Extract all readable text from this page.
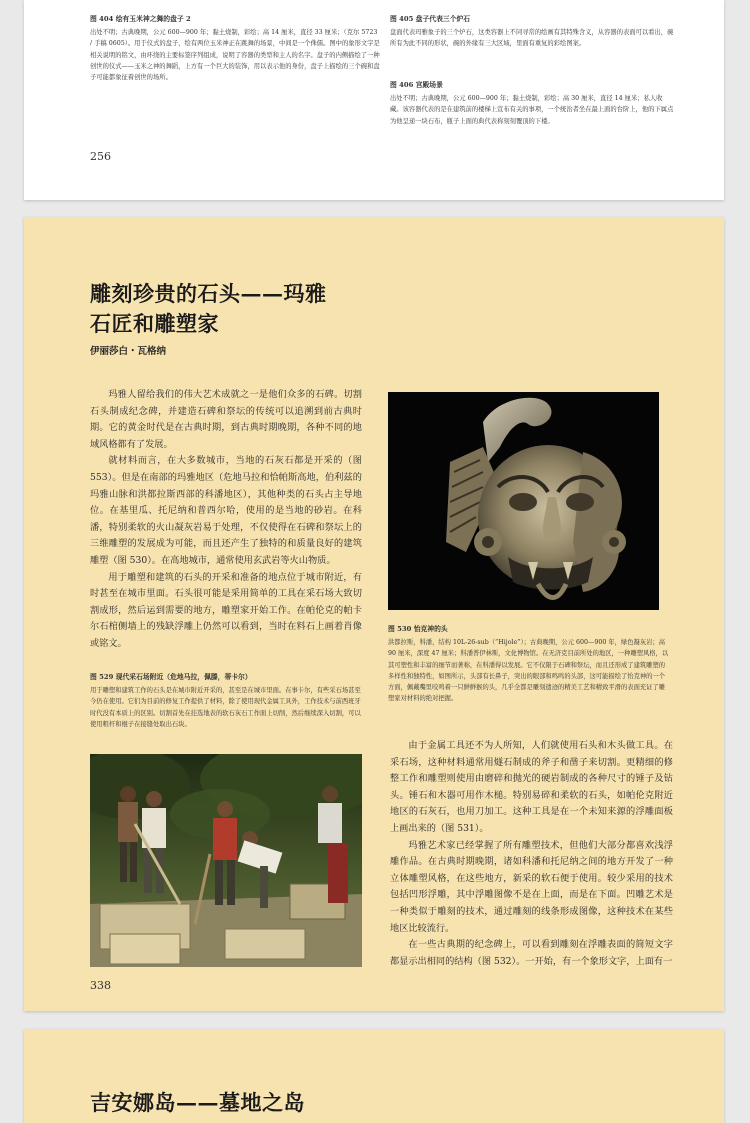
图 404 绘有玉米神之舞的盘子 2
出处不明；古典晚期，公元 600—900 年；黏土烧制，彩绘；高 14 厘米，直径 33 厘米；（克尔 5723 / 手稿 0605）。用于仪式的盘子，绘有两位玉米神正在跳舞的场景，中间是一个侏儒。图中的象形文字是相关说明的铭文，由环绕的主要标签序列组成，说明了容器的类型和主人的名字。盘子的内侧描绘了一种创世的仪式——玉米之神的舞蹈，上方有一个巨大的装饰，用以表示他的身份，盘子上描绘的三个碗和盘子可能都象征着创世的场所。
图 405 盘子代表三个炉石
盘面代表玛雅象子的三个炉石，这类容器上不同寻常的绘画有其特殊含义，从容器的表面可以看出，碗所有为此不同的形状，碗的外缘有三大区域，里面有重复的彩绘图案。
图 406 宫殿场景
出处不明；古典晚期，公元 600—900 年；黏土烧制，彩绘；高 30 厘米，直径 14 厘米；私人收藏。该容器代表的是在建筑前的楼梯上宣布有关的事项，一个统治者坐在最上面的台阶上，他的下属点为他呈递一块石布，瓶子上面的典代表称刻刻覆顶的下楼。
256
雕刻珍贵的石头——玛雅
石匠和雕塑家
伊丽莎白・瓦格纳

玛雅人留给我们的伟大艺术成就之一是他们众多的石碑。切割石头制成纪念碑，并建造石碑和祭坛的传统可以追溯到前古典时期。它的黄金时代是在古典时期，到古典时期晚期，各种不同的地域风格都有了发展。

就材料而言，在大多数城市，当地的石灰石都是开采的（图 553）。但是在南部的玛雅地区（危地马拉和恰帕斯高地，伯利兹的玛雅山脉和洪都拉斯西部的科潘地区），其他种类的石头占主导地位。在基里瓜、托尼纳和普西尔哈，使用的是当地的砂岩。在科潘，特别柔软的火山凝灰岩易于处理，不仅使得在石碑和祭坛上的三维雕塑的发展成为可能，而且还产生了独特的和质量良好的建筑雕塑（图 530）。在高地城市，通常使用玄武岩等火山物质。

用于雕塑和建筑的石头的开采和准备的地点位于城市附近，有时甚至在城市里面。石头很可能是采用简单的工具在采石场大致切割成形，然后运到需要的地方，雕塑家开始工作。在帕伦克的帕卡尔石棺侧墙上的残缺浮雕上仍然可以看到，当时在料石上画着肖像或铭文。

图 530 怡克神的头
洪都拉斯，科潘，结构 10L-26-sub（“Hijole”）；古典晚期，公元 600—900 年，绿色凝灰岩；高 90 厘米，深度 47 厘米；科潘普伊林斯，文化博物馆。在无济克目前所处的地区，一种雕塑风格，以其可塑性和丰富的细节而著称，在科潘得以发展。它不仅限于石碑和祭坛，而且还形成了建筑雕塑的多样性和独特性，如图所示，头部有长鼻子，突出的眼部和鸣鸣的头部，这可能描绘了怡克神的一个方面，佩戴嘴里咬鸣着一只鲜鲜猴的头，几乎全都是雕刻遗迹的精美工艺和精致平滑的表面充证了雕塑家对材料的绝对把握。
图 529 现代采石场附近（危地马拉，佩滕，蒂卡尔）
用于雕塑和建筑工作的石头是在城市附近开采的，甚至是在城市里面。在事卡尔，有些采石场甚至今仍在使用。它们为目前的修复工作提供了材料，除了使用现代金属工具外，工作技术与前西班牙时代没有本质上的区别。切割首先在挂选地表的软石灰石工作面上切削，然后继续深入切割，可以使用粗杆和棍子在接缝处取出石块。

由于金属工具还不为人所知，人们就使用石头和木头做工具。在采石场，这种材料通常用燧石制成的斧子和凿子来切割。更精细的修整工作和雕塑则使用由磨碎和抛光的硬岩制成的各种尺寸的锤子及钻头。锤石和木器可用作木槌。特别易碎和柔软的石头，如帕伦克附近地区的石灰石，也用刀加工。这种工具是在一个未知来源的浮雕面板上画出来的（图 531）。

玛雅艺术家已经掌握了所有雕塑技术，但他们大部分都喜欢浅浮雕作品。在古典时期晚期，诸如科潘和托尼纳之间的地方开发了一种立体雕塑风格，在这些地方，新采的软石便于使用。较少采用的技术包括凹形浮雕，其中浮雕图像不是在上面，而是在下面。凹雕艺术是一种类似于雕刻的技术，通过雕刻的线条形成图像，这种技术在某些地区比较流行。

在一些古典期的纪念碑上，可以看到雕刻在浮雕表面的简短文字都显示出相同的结构（图 532）。一开始，有一个象形文字，上面有一

338
吉安娜岛——墓地之岛
